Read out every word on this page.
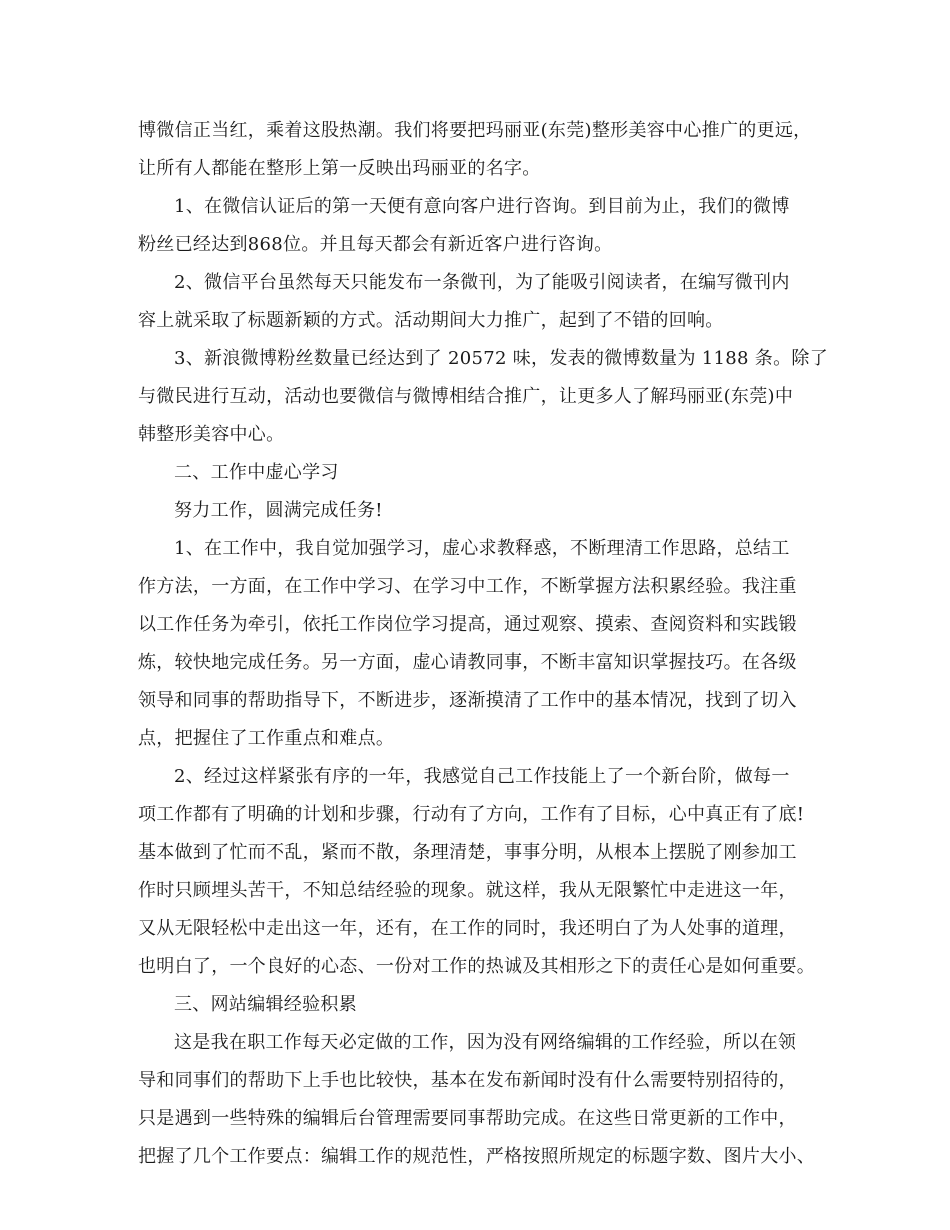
博微信正当红，乘着这股热潮。我们将要把玛丽亚(东莞)整形美容中心推广的更远，
让所有人都能在整形上第一反映出玛丽亚的名字。
1、在微信认证后的第一天便有意向客户进行咨询。到目前为止，我们的微博
粉丝已经达到868位。并且每天都会有新近客户进行咨询。
2、微信平台虽然每天只能发布一条微刊，为了能吸引阅读者，在编写微刊内
容上就采取了标题新颖的方式。活动期间大力推广，起到了不错的回响。
3、新浪微博粉丝数量已经达到了 20572 味，发表的微博数量为 1188 条。除了
与微民进行互动，活动也要微信与微博相结合推广，让更多人了解玛丽亚(东莞)中
韩整形美容中心。
二、工作中虚心学习
努力工作，圆满完成任务!
1、在工作中，我自觉加强学习，虚心求教释惑，不断理清工作思路，总结工
作方法，一方面，在工作中学习、在学习中工作，不断掌握方法积累经验。我注重
以工作任务为牵引，依托工作岗位学习提高，通过观察、摸索、查阅资料和实践锻
炼，较快地完成任务。另一方面，虚心请教同事，不断丰富知识掌握技巧。在各级
领导和同事的帮助指导下，不断进步，逐渐摸清了工作中的基本情况，找到了切入
点，把握住了工作重点和难点。
2、经过这样紧张有序的一年，我感觉自己工作技能上了一个新台阶，做每一
项工作都有了明确的计划和步骤，行动有了方向，工作有了目标，心中真正有了底!
基本做到了忙而不乱，紧而不散，条理清楚，事事分明，从根本上摆脱了刚参加工
作时只顾埋头苦干，不知总结经验的现象。就这样，我从无限繁忙中走进这一年，
又从无限轻松中走出这一年，还有，在工作的同时，我还明白了为人处事的道理，
也明白了，一个良好的心态、一份对工作的热诚及其相形之下的责任心是如何重要。
三、网站编辑经验积累
这是我在职工作每天必定做的工作，因为没有网络编辑的工作经验，所以在领
导和同事们的帮助下上手也比较快，基本在发布新闻时没有什么需要特别招待的，
只是遇到一些特殊的编辑后台管理需要同事帮助完成。在这些日常更新的工作中，
把握了几个工作要点：编辑工作的规范性，严格按照所规定的标题字数、图片大小、
